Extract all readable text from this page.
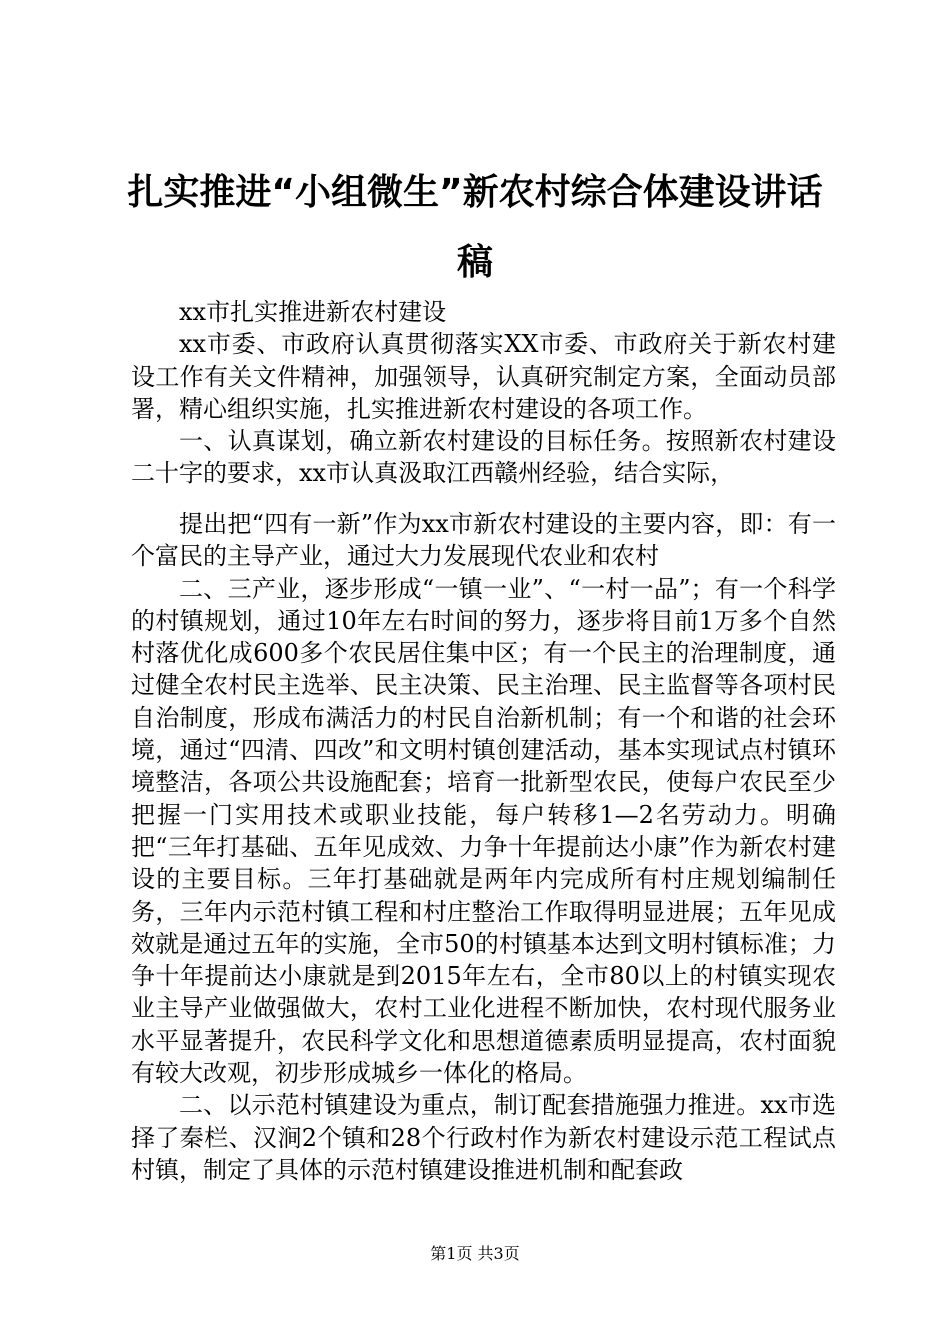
扎实推进“小组微生”新农村综合体建设讲话稿

xx市扎实推进新农村建设

xx市委、市政府认真贯彻落实XX市委、市政府关于新农村建设工作有关文件精神，加强领导，认真研究制定方案，全面动员部署，精心组织实施，扎实推进新农村建设的各项工作。

一、认真谋划，确立新农村建设的目标任务。按照新农村建设二十字的要求，xx市认真汲取江西赣州经验，结合实际，

提出把“四有一新”作为xx市新农村建设的主要内容，即：有一个富民的主导产业，通过大力发展现代农业和农村

二、三产业，逐步形成“一镇一业”、“一村一品”；有一个科学的村镇规划，通过10年左右时间的努力，逐步将目前1万多个自然村落优化成600多个农民居住集中区；有一个民主的治理制度，通过健全农村民主选举、民主决策、民主治理、民主监督等各项村民自治制度，形成布满活力的村民自治新机制；有一个和谐的社会环境，通过“四清、四改”和文明村镇创建活动，基本实现试点村镇环境整洁，各项公共设施配套；培育一批新型农民，使每户农民至少把握一门实用技术或职业技能，每户转移1—2名劳动力。明确把“三年打基础、五年见成效、力争十年提前达小康”作为新农村建设的主要目标。三年打基础就是两年内完成所有村庄规划编制任务，三年内示范村镇工程和村庄整治工作取得明显进展；五年见成效就是通过五年的实施，全市50的村镇基本达到文明村镇标准；力争十年提前达小康就是到2015年左右，全市80以上的村镇实现农业主导产业做强做大，农村工业化进程不断加快，农村现代服务业水平显著提升，农民科学文化和思想道德素质明显提高，农村面貌有较大改观，初步形成城乡一体化的格局。

二、以示范村镇建设为重点，制订配套措施强力推进。xx市选择了秦栏、汉涧2个镇和28个行政村作为新农村建设示范工程试点村镇，制定了具体的示范村镇建设推进机制和配套政

第1页 共3页
